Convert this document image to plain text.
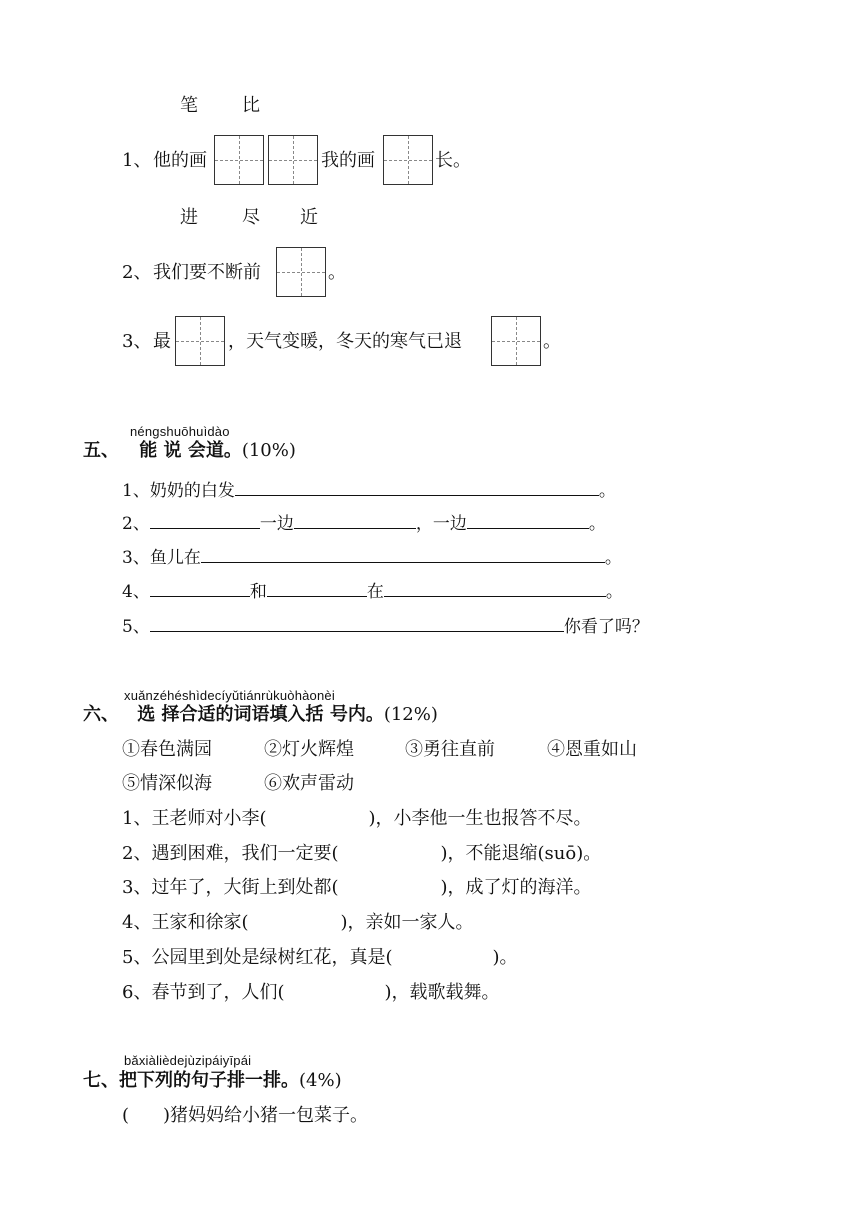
笔 比
1、 他的画	我的画	长。
进 尽 近
2、 我们要不断前	。
3、 最	，天气变暖，冬天的寒气已退	。
néngshuōhuìdào
五、 能 说 会道。(10%)
1、奶奶的白发	。
2、	一边	，一边	。
3、鱼儿在	。
4、	和	在	。
5、	你看了吗？
xuǎnzéhéshìdecíyǔtiánrùkuòhàonèi
六、 选 择合适的词语填入括 号内。(12%)
①春色满园	②灯火辉煌	③勇往直前	④恩重如山
⑤情深似海	⑥欢声雷动
1、王老师对小李(	)，小李他一生也报答不尽。
2、遇到困难，我们一定要(	)，不能退缩(suō)。
3、过年了，大街上到处都(	)，成了灯的海洋。
4、王家和徐家(	)，亲如一家人。
5、公园里到处是绿树红花，真是(	)。
6、春节到了，人们(	)，载歌载舞。
bǎxiàlièdejùzipáiyīpái
七、把下列的句子排一排。(4%)
( )猪妈妈给小猪一包菜子。
